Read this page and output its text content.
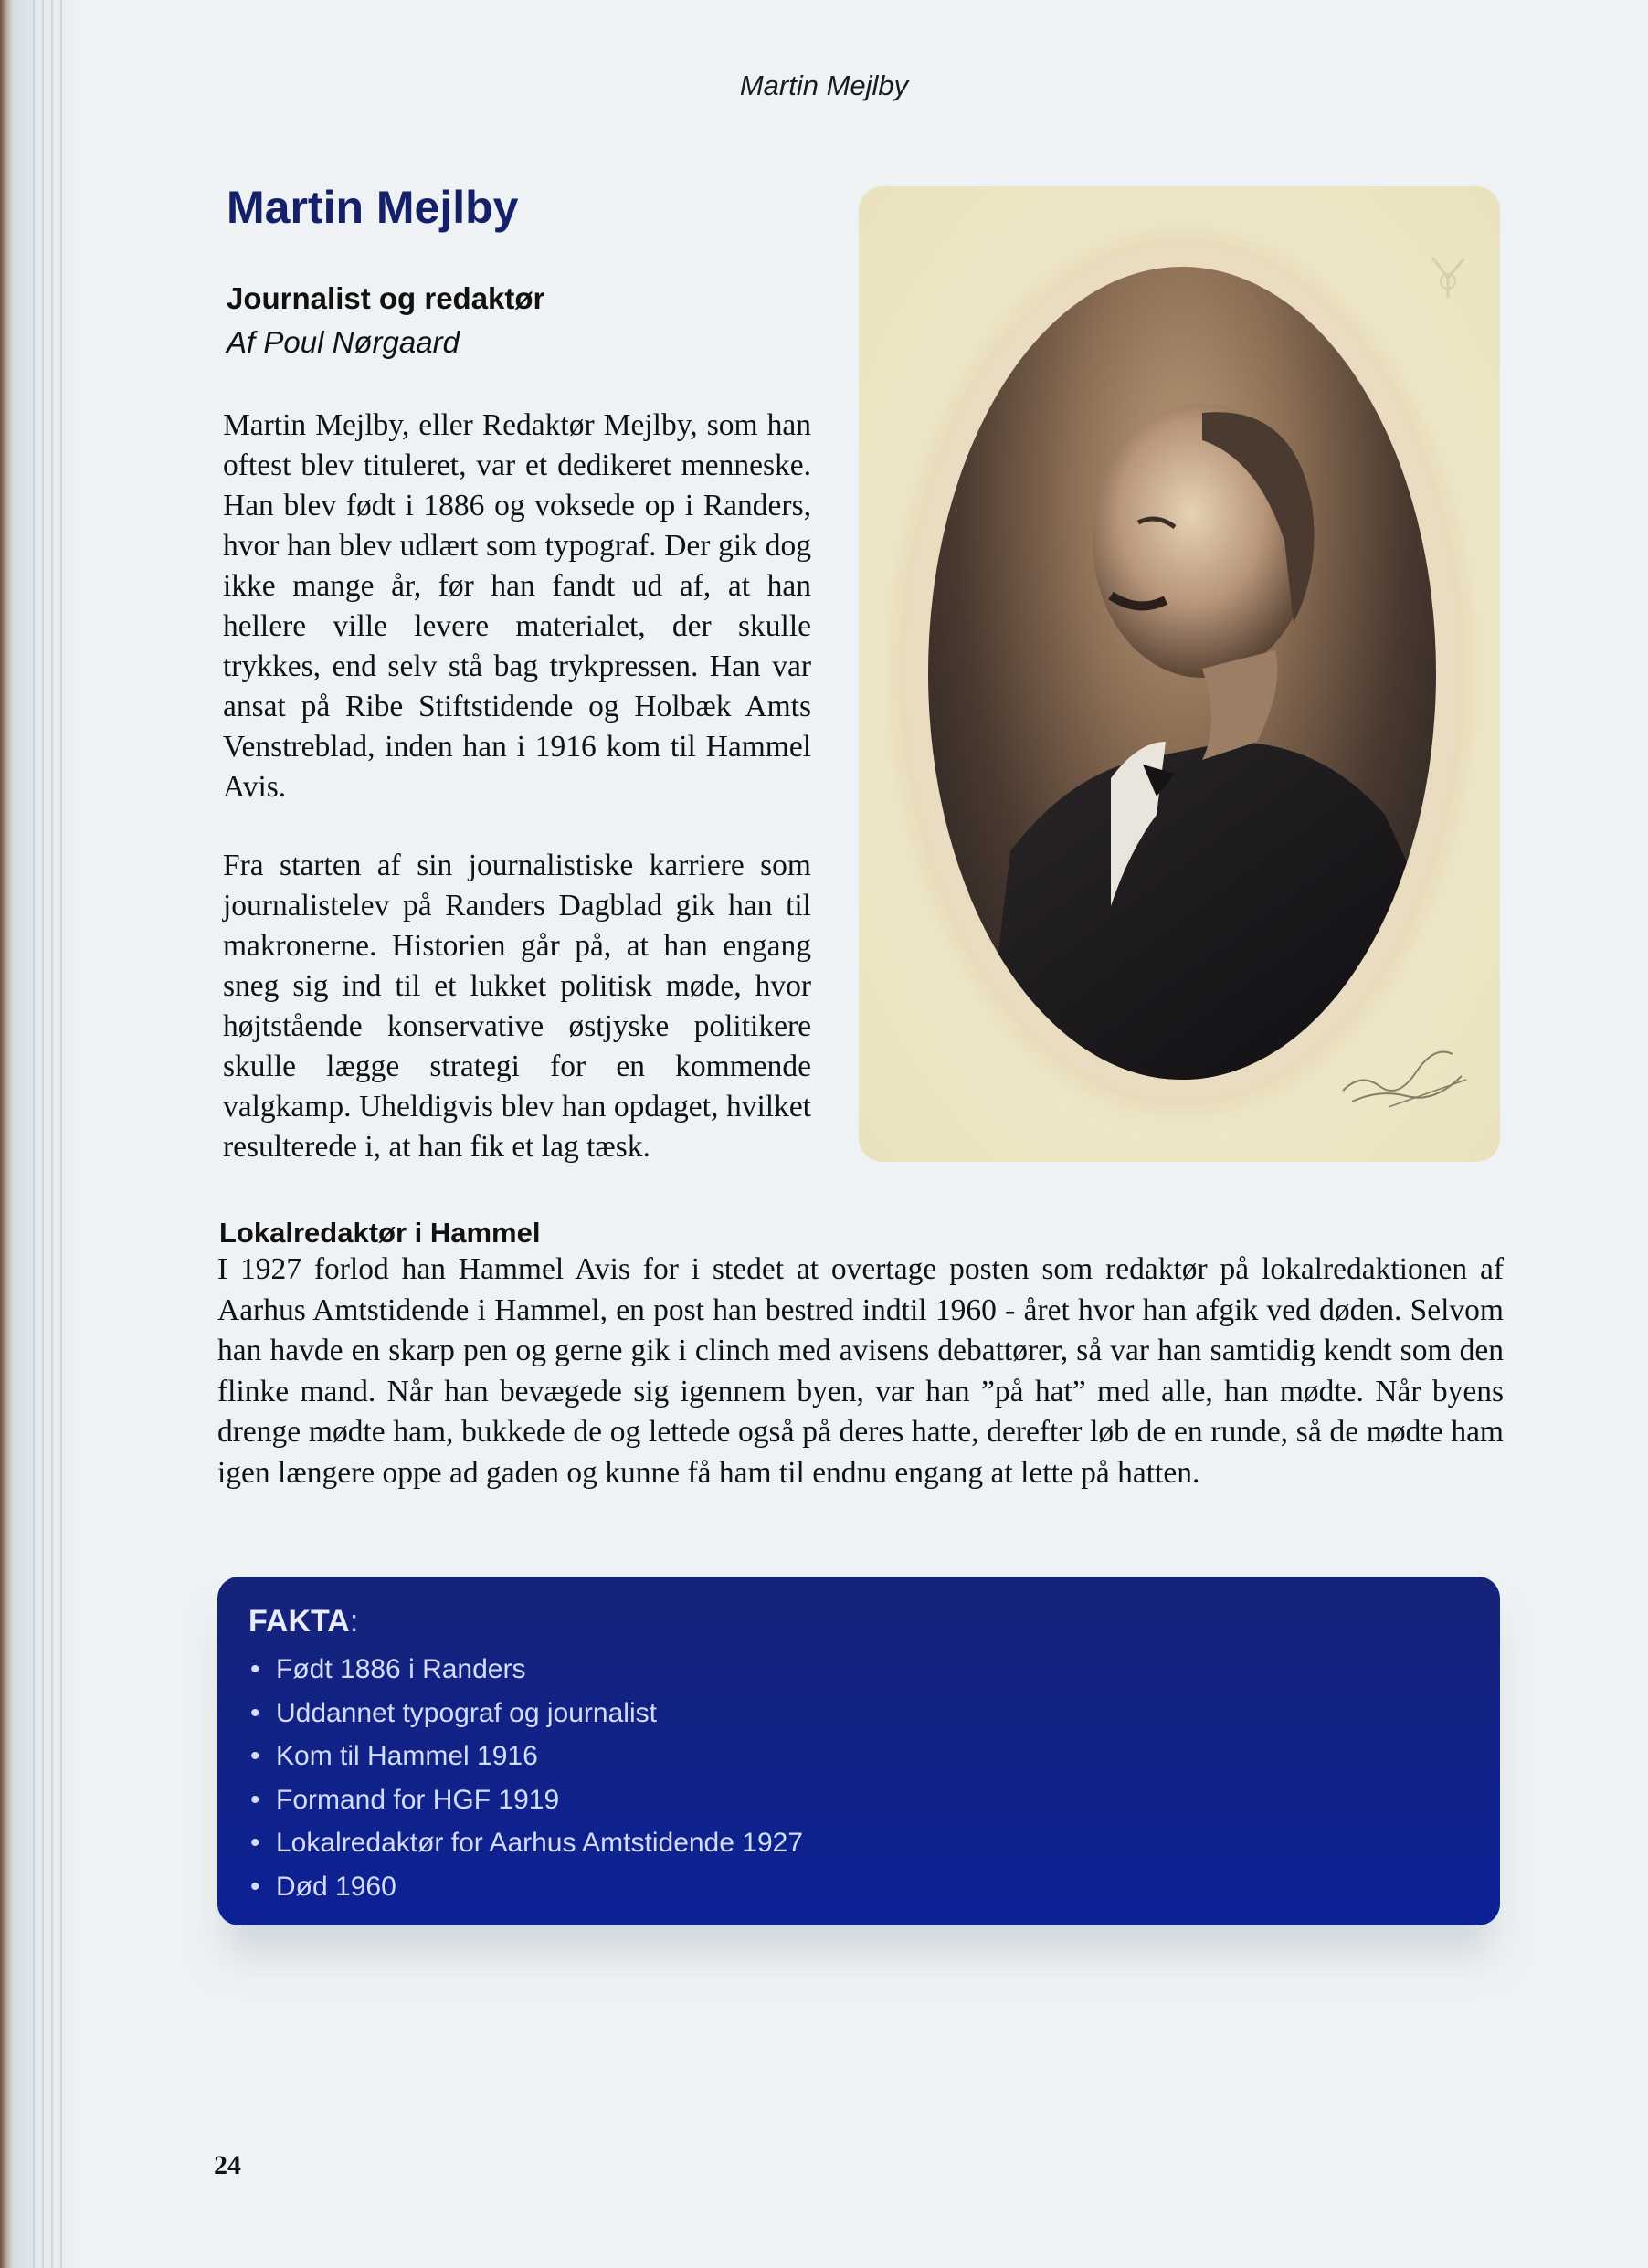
Martin Mejlby
Martin Mejlby
Journalist og redaktør
Af Poul Nørgaard

Martin Mejlby, eller Redaktør Mejlby, som han oftest blev tituleret, var et dedikeret menneske. Han blev født i 1886 og voksede op i Randers, hvor han blev udlært som typograf. Der gik dog ikke mange år, før han fandt ud af, at han hellere ville levere materialet, der skulle trykkes, end selv stå bag trykpressen. Han var ansat på Ribe Stiftstidende og Holbæk Amts Venstreblad, inden han i 1916 kom til Hammel Avis.

Fra starten af sin journalistiske karriere som journalistelev på Randers Dagblad gik han til makronerne. Historien går på, at han engang sneg sig ind til et lukket politisk møde, hvor højtstående konservative østjyske politikere skulle lægge strategi for en kommende valgkamp. Uheldigvis blev han opdaget, hvilket resulterede i, at han fik et lag tæsk.

Lokalredaktør i Hammel

I 1927 forlod han Hammel Avis for i stedet at overtage posten som redaktør på lokalredaktionen af Aarhus Amtstidende i Hammel, en post han bestred indtil 1960 - året hvor han afgik ved døden. Selvom han havde en skarp pen og gerne gik i clinch med avisens debattører, så var han samtidig kendt som den flinke mand. Når han bevægede sig igennem byen, var han ”på hat” med alle, han mødte. Når byens drenge mødte ham, bukkede de og lettede også på deres hatte, derefter løb de en runde, så de mødte ham igen længere oppe ad gaden og kunne få ham til endnu engang at lette på hatten.

FAKTA:
• Født 1886 i Randers
• Uddannet typograf og journalist
• Kom til Hammel 1916
• Formand for HGF 1919
• Lokalredaktør for Aarhus Amtstidende 1927
• Død 1960
24
